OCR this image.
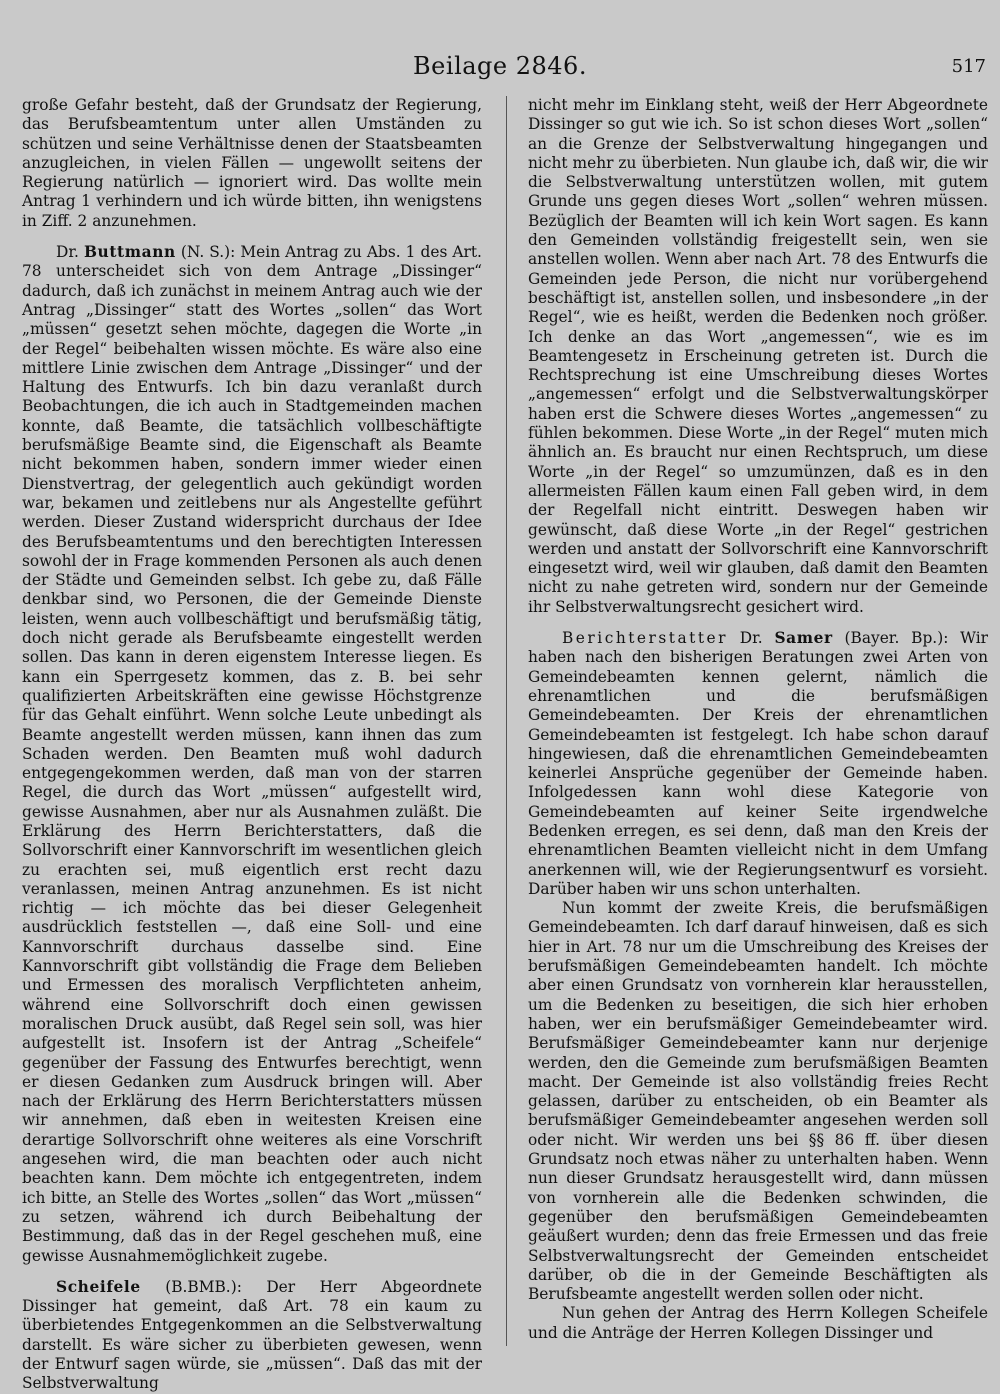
Beilage 2846.	517

große Gefahr besteht, daß der Grundsatz der Regierung, das Berufsbeamtentum unter allen Umständen zu schützen und seine Verhältnisse denen der Staatsbeamten anzugleichen, in vielen Fällen — ungewollt seitens der Regierung natürlich — ignoriert wird. Das wollte mein Antrag 1 verhindern und ich würde bitten, ihn wenigstens in Ziff. 2 anzunehmen.

Dr. Buttmann (N. S.): Mein Antrag zu Abs. 1 des Art. 78 unterscheidet sich von dem Antrage „Dissinger“ dadurch, daß ich zunächst in meinem Antrag auch wie der Antrag „Dissinger“ statt des Wortes „sollen“ das Wort „müssen“ gesetzt sehen möchte, dagegen die Worte „in der Regel“ beibehalten wissen möchte. Es wäre also eine mittlere Linie zwischen dem Antrage „Dissinger“ und der Haltung des Entwurfs. Ich bin dazu veranlaßt durch Beobachtungen, die ich auch in Stadtgemeinden machen konnte, daß Beamte, die tatsächlich vollbeschäftigte berufsmäßige Beamte sind, die Eigenschaft als Beamte nicht bekommen haben, sondern immer wieder einen Dienstvertrag, der gelegentlich auch gekündigt worden war, bekamen und zeitlebens nur als Angestellte geführt werden. Dieser Zustand widerspricht durchaus der Idee des Berufsbeamtentums und den berechtigten Interessen sowohl der in Frage kommenden Personen als auch denen der Städte und Gemeinden selbst. Ich gebe zu, daß Fälle denkbar sind, wo Personen, die der Gemeinde Dienste leisten, wenn auch vollbeschäftigt und berufsmäßig tätig, doch nicht gerade als Berufsbeamte eingestellt werden sollen. Das kann in deren eigenstem Interesse liegen. Es kann ein Sperrgesetz kommen, das z. B. bei sehr qualifizierten Arbeitskräften eine gewisse Höchstgrenze für das Gehalt einführt. Wenn solche Leute unbedingt als Beamte angestellt werden müssen, kann ihnen das zum Schaden werden. Den Beamten muß wohl dadurch entgegengekommen werden, daß man von der starren Regel, die durch das Wort „müssen“ aufgestellt wird, gewisse Ausnahmen, aber nur als Ausnahmen zuläßt. Die Erklärung des Herrn Berichterstatters, daß die Sollvorschrift einer Kannvorschrift im wesentlichen gleich zu erachten sei, muß eigentlich erst recht dazu veranlassen, meinen Antrag anzunehmen. Es ist nicht richtig — ich möchte das bei dieser Gelegenheit ausdrücklich feststellen —, daß eine Soll- und eine Kannvorschrift durchaus dasselbe sind. Eine Kannvorschrift gibt vollständig die Frage dem Belieben und Ermessen des moralisch Verpflichteten anheim, während eine Sollvorschrift doch einen gewissen moralischen Druck ausübt, daß Regel sein soll, was hier aufgestellt ist. Insofern ist der Antrag „Scheifele“ gegenüber der Fassung des Entwurfes berechtigt, wenn er diesen Gedanken zum Ausdruck bringen will. Aber nach der Erklärung des Herrn Berichterstatters müssen wir annehmen, daß eben in weitesten Kreisen eine derartige Sollvorschrift ohne weiteres als eine Vorschrift angesehen wird, die man beachten oder auch nicht beachten kann. Dem möchte ich entgegentreten, indem ich bitte, an Stelle des Wortes „sollen“ das Wort „müssen“ zu setzen, während ich durch Beibehaltung der Bestimmung, daß das in der Regel geschehen muß, eine gewisse Ausnahmemöglichkeit zugebe.

Scheifele (B.BMB.): Der Herr Abgeordnete Dissinger hat gemeint, daß Art. 78 ein kaum zu überbietendes Entgegenkommen an die Selbstverwaltung darstellt. Es wäre sicher zu überbieten gewesen, wenn der Entwurf sagen würde, sie „müssen“. Daß das mit der Selbstverwaltung

nicht mehr im Einklang steht, weiß der Herr Abgeordnete Dissinger so gut wie ich. So ist schon dieses Wort „sollen“ an die Grenze der Selbstverwaltung hingegangen und nicht mehr zu überbieten. Nun glaube ich, daß wir, die wir die Selbstverwaltung unterstützen wollen, mit gutem Grunde uns gegen dieses Wort „sollen“ wehren müssen. Bezüglich der Beamten will ich kein Wort sagen. Es kann den Gemeinden vollständig freigestellt sein, wen sie anstellen wollen. Wenn aber nach Art. 78 des Entwurfs die Gemeinden jede Person, die nicht nur vorübergehend beschäftigt ist, anstellen sollen, und insbesondere „in der Regel“, wie es heißt, werden die Bedenken noch größer. Ich denke an das Wort „angemessen“, wie es im Beamtengesetz in Erscheinung getreten ist. Durch die Rechtsprechung ist eine Umschreibung dieses Wortes „angemessen“ erfolgt und die Selbstverwaltungskörper haben erst die Schwere dieses Wortes „angemessen“ zu fühlen bekommen. Diese Worte „in der Regel“ muten mich ähnlich an. Es braucht nur einen Rechtspruch, um diese Worte „in der Regel“ so umzumünzen, daß es in den allermeisten Fällen kaum einen Fall geben wird, in dem der Regelfall nicht eintritt. Deswegen haben wir gewünscht, daß diese Worte „in der Regel“ gestrichen werden und anstatt der Sollvorschrift eine Kannvorschrift eingesetzt wird, weil wir glauben, daß damit den Beamten nicht zu nahe getreten wird, sondern nur der Gemeinde ihr Selbstverwaltungsrecht gesichert wird.

Berichterstatter Dr. Samer (Bayer. Bp.): Wir haben nach den bisherigen Beratungen zwei Arten von Gemeindebeamten kennen gelernt, nämlich die ehrenamtlichen und die berufsmäßigen Gemeindebeamten. Der Kreis der ehrenamtlichen Gemeindebeamten ist festgelegt. Ich habe schon darauf hingewiesen, daß die ehrenamtlichen Gemeindebeamten keinerlei Ansprüche gegenüber der Gemeinde haben. Infolgedessen kann wohl diese Kategorie von Gemeindebeamten auf keiner Seite irgendwelche Bedenken erregen, es sei denn, daß man den Kreis der ehrenamtlichen Beamten vielleicht nicht in dem Umfang anerkennen will, wie der Regierungsentwurf es vorsieht. Darüber haben wir uns schon unterhalten.

Nun kommt der zweite Kreis, die berufsmäßigen Gemeindebeamten. Ich darf darauf hinweisen, daß es sich hier in Art. 78 nur um die Umschreibung des Kreises der berufsmäßigen Gemeindebeamten handelt. Ich möchte aber einen Grundsatz von vornherein klar herausstellen, um die Bedenken zu beseitigen, die sich hier erhoben haben, wer ein berufsmäßiger Gemeindebeamter wird. Berufsmäßiger Gemeindebeamter kann nur derjenige werden, den die Gemeinde zum berufsmäßigen Beamten macht. Der Gemeinde ist also vollständig freies Recht gelassen, darüber zu entscheiden, ob ein Beamter als berufsmäßiger Gemeindebeamter angesehen werden soll oder nicht. Wir werden uns bei §§ 86 ff. über diesen Grundsatz noch etwas näher zu unterhalten haben. Wenn nun dieser Grundsatz herausgestellt wird, dann müssen von vornherein alle die Bedenken schwinden, die gegenüber den berufsmäßigen Gemeindebeamten geäußert wurden; denn das freie Ermessen und das freie Selbstverwaltungsrecht der Gemeinden entscheidet darüber, ob die in der Gemeinde Beschäftigten als Berufsbeamte angestellt werden sollen oder nicht.

Nun gehen der Antrag des Herrn Kollegen Scheifele und die Anträge der Herren Kollegen Dissinger und
